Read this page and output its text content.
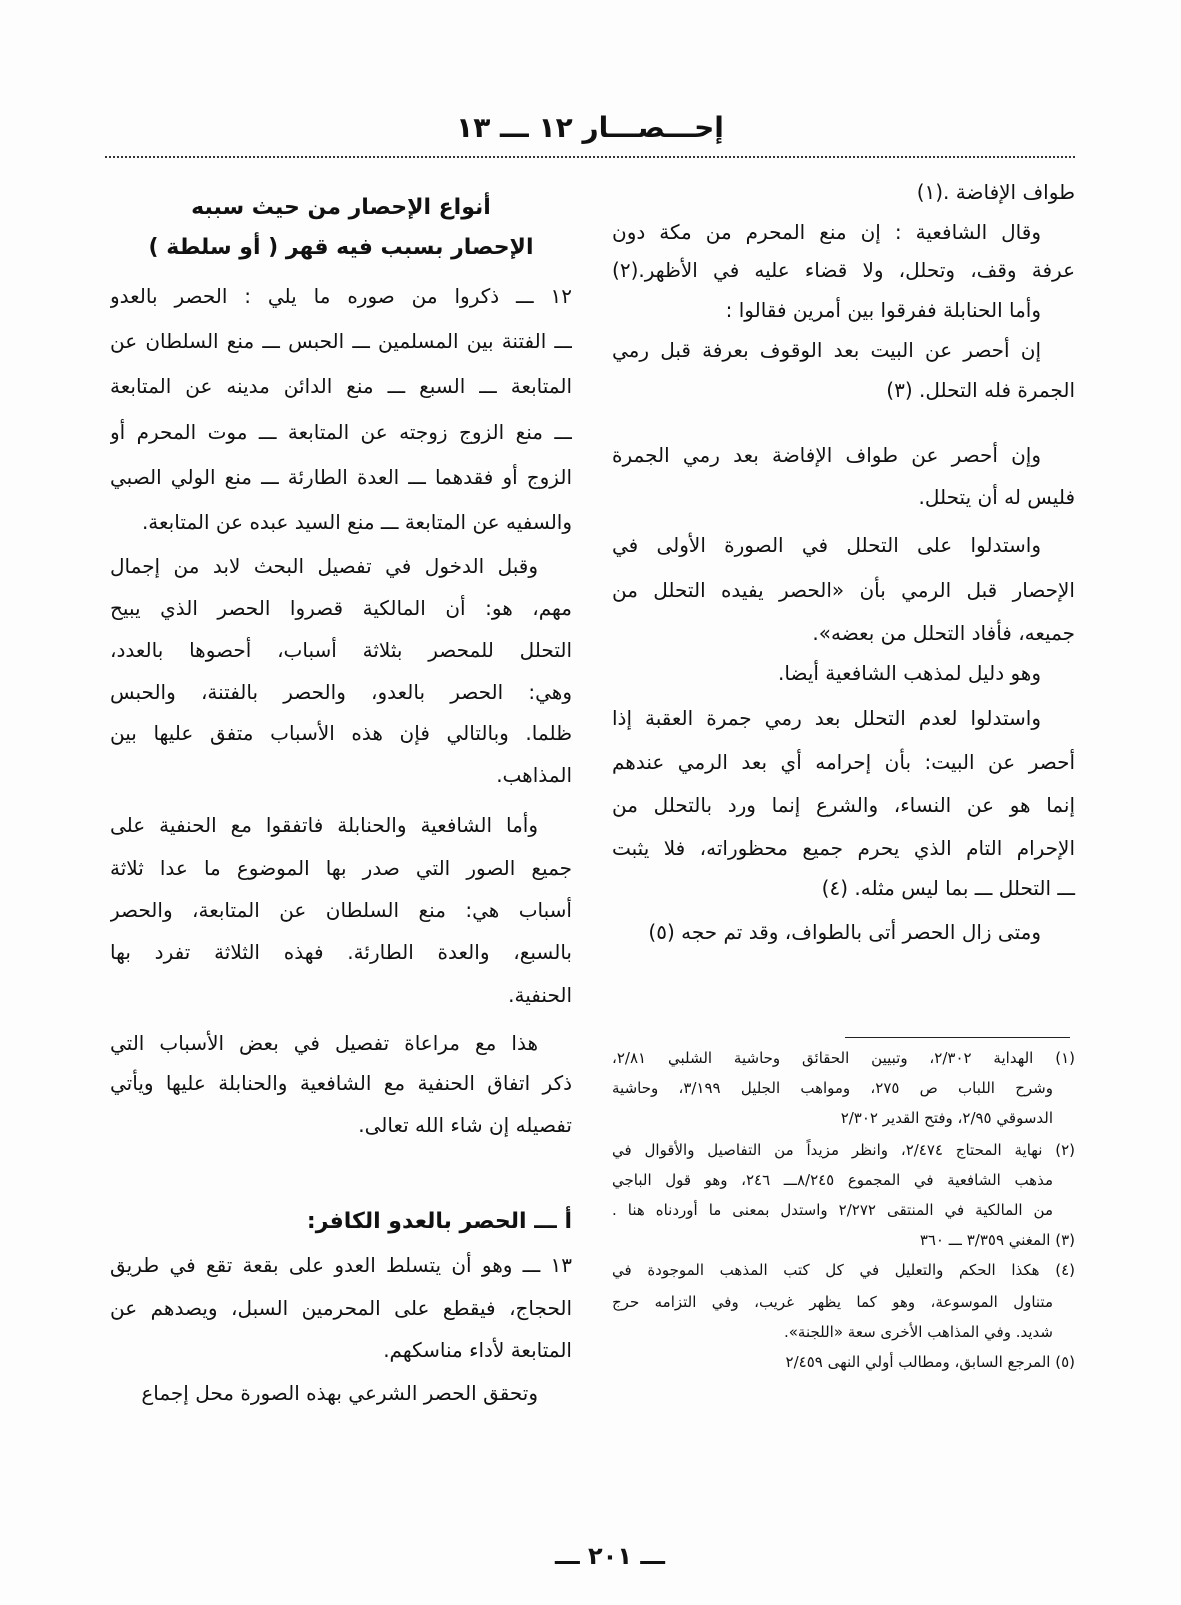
إحـــصـــار ١٢ ـــ ١٣
طواف الإفاضة .(١)
وقال الشافعية : إن منع المحرم من مكة دون
عرفة وقف، وتحلل، ولا قضاء عليه في الأظهر.(٢)
وأما الحنابلة ففرقوا بين أمرين فقالوا :
إن أحصر عن البيت بعد الوقوف بعرفة قبل رمي
الجمرة فله التحلل. (٣)
وإن أحصر عن طواف الإفاضة بعد رمي الجمرة
فليس له أن يتحلل.
واستدلوا على التحلل في الصورة الأولى في
الإحصار قبل الرمي بأن «الحصر يفيده التحلل من
جميعه، فأفاد التحلل من بعضه».
وهو دليل لمذهب الشافعية أيضا.
واستدلوا لعدم التحلل بعد رمي جمرة العقبة إذا
أحصر عن البيت: بأن إحرامه أي بعد الرمي عندهم
إنما هو عن النساء، والشرع إنما ورد بالتحلل من
الإحرام التام الذي يحرم جميع محظوراته، فلا يثبت
ـــ التحلل ـــ بما ليس مثله. (٤)
ومتى زال الحصر أتى بالطواف، وقد تم حجه (٥)
(١) الهداية ٢/٣٠٢، وتبيين الحقائق وحاشية الشلبي ٢/٨١،
وشرح اللباب ص ٢٧٥، ومواهب الجليل ٣/١٩٩، وحاشية
الدسوقي ٢/٩٥، وفتح القدير ٢/٣٠٢
(٢) نهاية المحتاج ٢/٤٧٤، وانظر مزيداً من التفاصيل والأقوال في
مذهب الشافعية في المجموع ٨/٢٤٥ـــ ٢٤٦، وهو قول الباجي
من المالكية في المنتقى ٢/٢٧٢ واستدل بمعنى ما أوردناه هنا .
(٣) المغني ٣/٣٥٩ ـــ ٣٦٠
(٤) هكذا الحكم والتعليل في كل كتب المذهب الموجودة في
متناول الموسوعة، وهو كما يظهر غريب، وفي التزامه حرج
شديد. وفي المذاهب الأخرى سعة «اللجنة».
(٥) المرجع السابق، ومطالب أولي النهى ٢/٤٥٩
أنواع الإحصار من حيث سببه
الإحصار بسبب فيه قهر ( أو سلطة )
١٢ ـــ ذكروا من صوره ما يلي : الحصر بالعدو
ـــ الفتنة بين المسلمين ـــ الحبس ـــ منع السلطان عن
المتابعة ـــ السبع ـــ منع الدائن مدينه عن المتابعة
ـــ منع الزوج زوجته عن المتابعة ـــ موت المحرم أو
الزوج أو فقدهما ـــ العدة الطارئة ـــ منع الولي الصبي
والسفيه عن المتابعة ـــ منع السيد عبده عن المتابعة.
وقبل الدخول في تفصيل البحث لابد من إجمال
مهم، هو: أن المالكية قصروا الحصر الذي يبيح
التحلل للمحصر بثلاثة أسباب، أحصوها بالعدد،
وهي: الحصر بالعدو، والحصر بالفتنة، والحبس
ظلما. وبالتالي فإن هذه الأسباب متفق عليها بين
المذاهب.
وأما الشافعية والحنابلة فاتفقوا مع الحنفية على
جميع الصور التي صدر بها الموضوع ما عدا ثلاثة
أسباب هي: منع السلطان عن المتابعة، والحصر
بالسبع، والعدة الطارئة. فهذه الثلاثة تفرد بها
الحنفية.
هذا مع مراعاة تفصيل في بعض الأسباب التي
ذكر اتفاق الحنفية مع الشافعية والحنابلة عليها ويأتي
تفصيله إن شاء الله تعالى.
أ ـــ الحصر بالعدو الكافر:
١٣ ـــ وهو أن يتسلط العدو على بقعة تقع في طريق
الحجاج، فيقطع على المحرمين السبل، ويصدهم عن
المتابعة لأداء مناسكهم.
وتحقق الحصر الشرعي بهذه الصورة محل إجماع
ـــ ٢٠١ ـــ
